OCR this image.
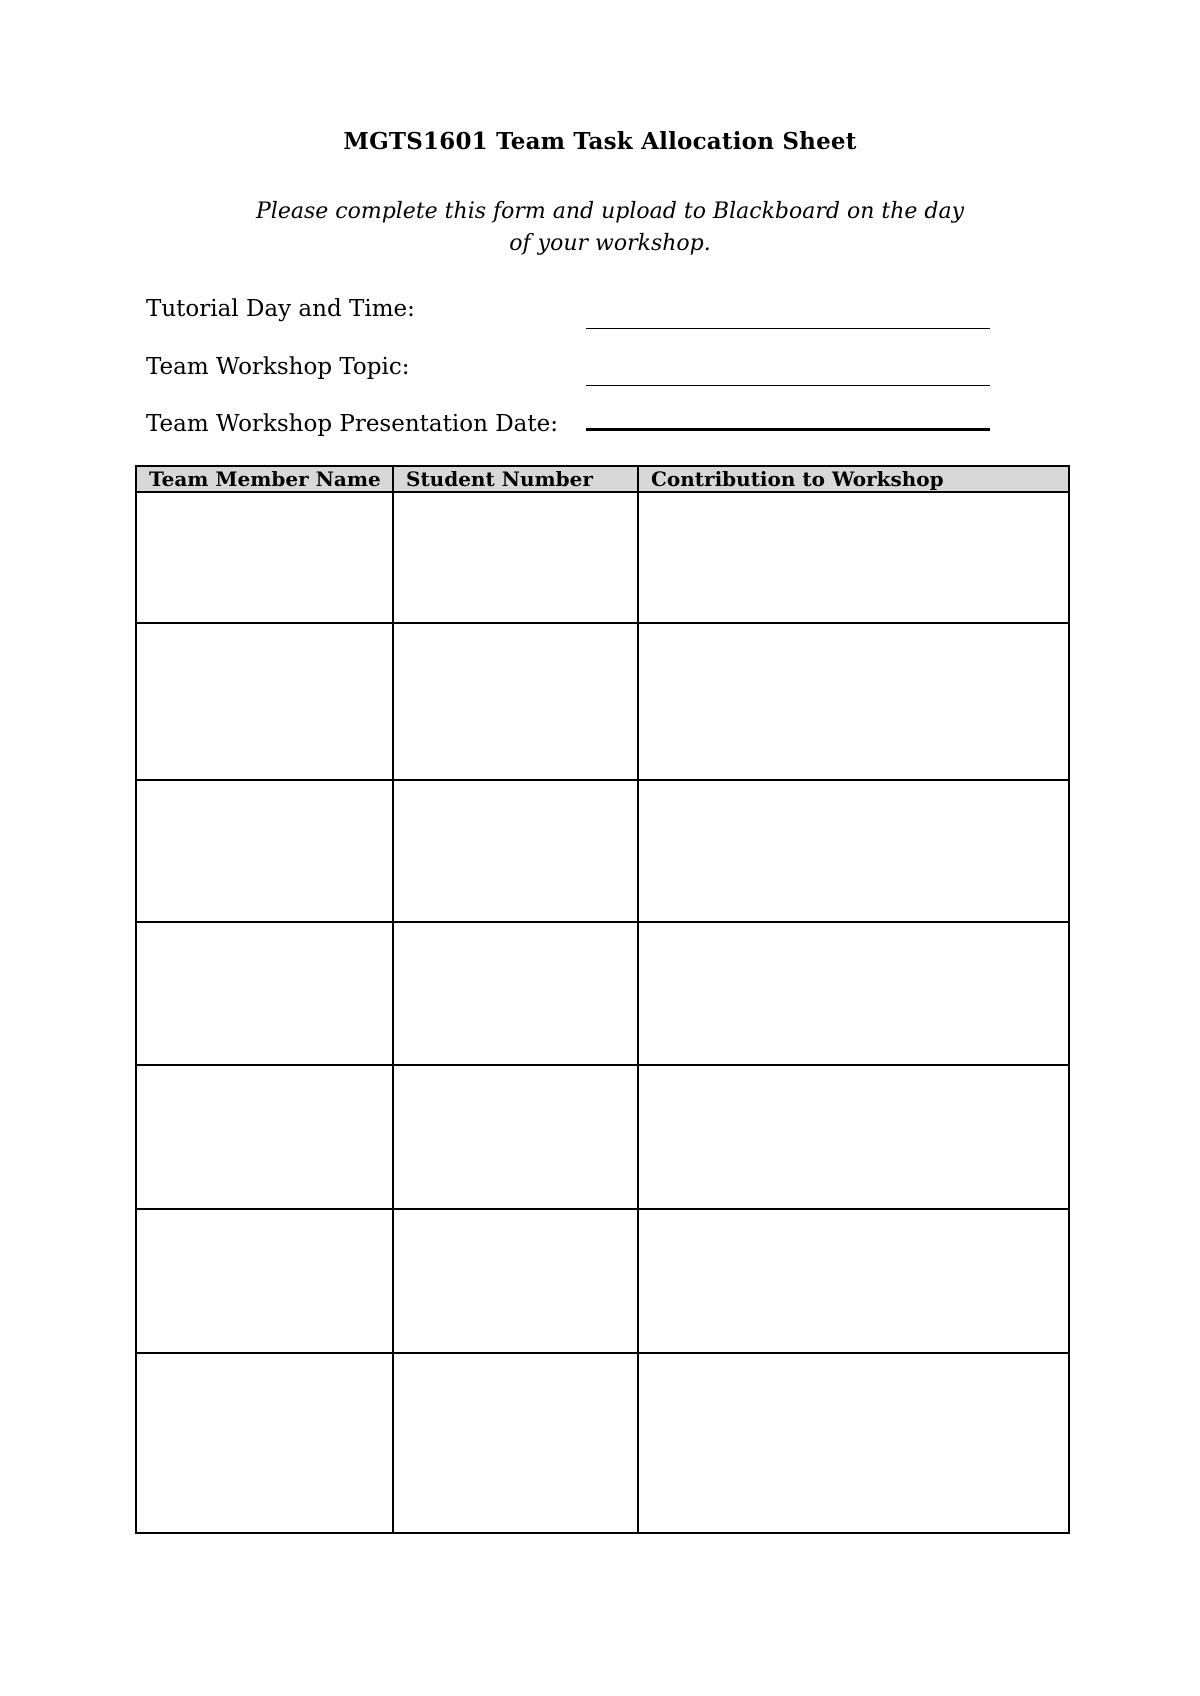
MGTS1601 Team Task Allocation Sheet
Please complete this form and upload to Blackboard on the day
of your workshop.
Tutorial Day and Time:
Team Workshop Topic:
Team Workshop Presentation Date:
Team Member Name	Student Number	Contribution to Workshop
